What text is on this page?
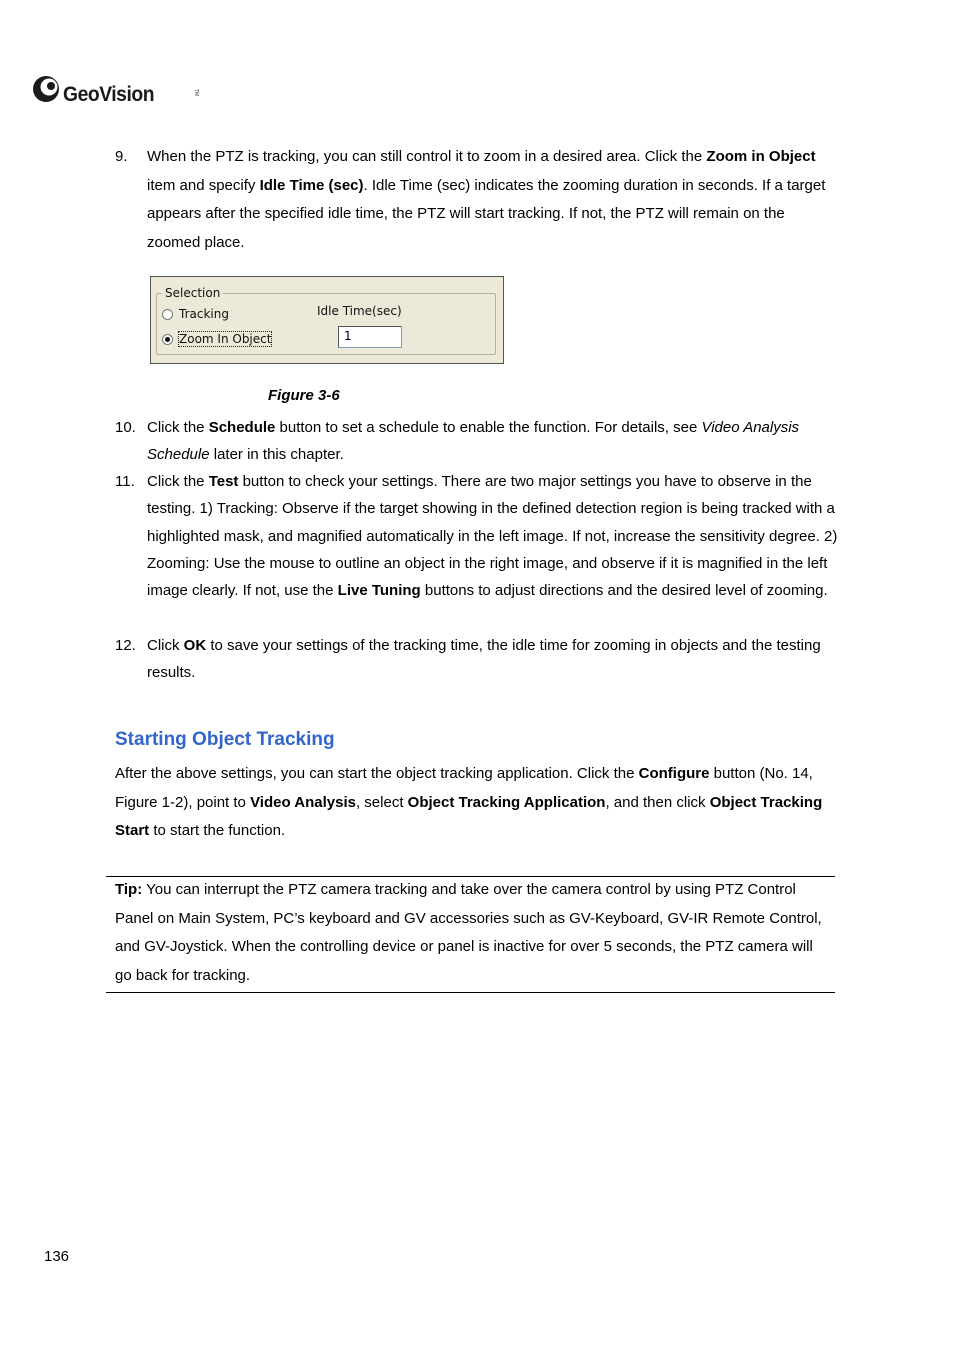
GeoVision	TM
9. When the PTZ is tracking, you can still control it to zoom in a desired area. Click the Zoom in Object item and specify Idle Time (sec). Idle Time (sec) indicates the zooming duration in seconds. If a target appears after the specified idle time, the PTZ will start tracking. If not, the PTZ will remain on the zoomed place.
Selection
Tracking
Zoom In Object
Idle Time(sec)
1
Figure 3-6
10. Click the Schedule button to set a schedule to enable the function. For details, see Video Analysis Schedule later in this chapter.
11. Click the Test button to check your settings. There are two major settings you have to observe in the testing. 1) Tracking: Observe if the target showing in the defined detection region is being tracked with a highlighted mask, and magnified automatically in the left image. If not, increase the sensitivity degree. 2) Zooming: Use the mouse to outline an object in the right image, and observe if it is magnified in the left image clearly. If not, use the Live Tuning buttons to adjust directions and the desired level of zooming.
12. Click OK to save your settings of the tracking time, the idle time for zooming in objects and the testing results.
Starting Object Tracking
After the above settings, you can start the object tracking application. Click the Configure button (No. 14, Figure 1-2), point to Video Analysis, select Object Tracking Application, and then click Object Tracking Start to start the function.
Tip: You can interrupt the PTZ camera tracking and take over the camera control by using PTZ Control Panel on Main System, PC’s keyboard and GV accessories such as GV-Keyboard, GV-IR Remote Control, and GV-Joystick. When the controlling device or panel is inactive for over 5 seconds, the PTZ camera will go back for tracking.
136
